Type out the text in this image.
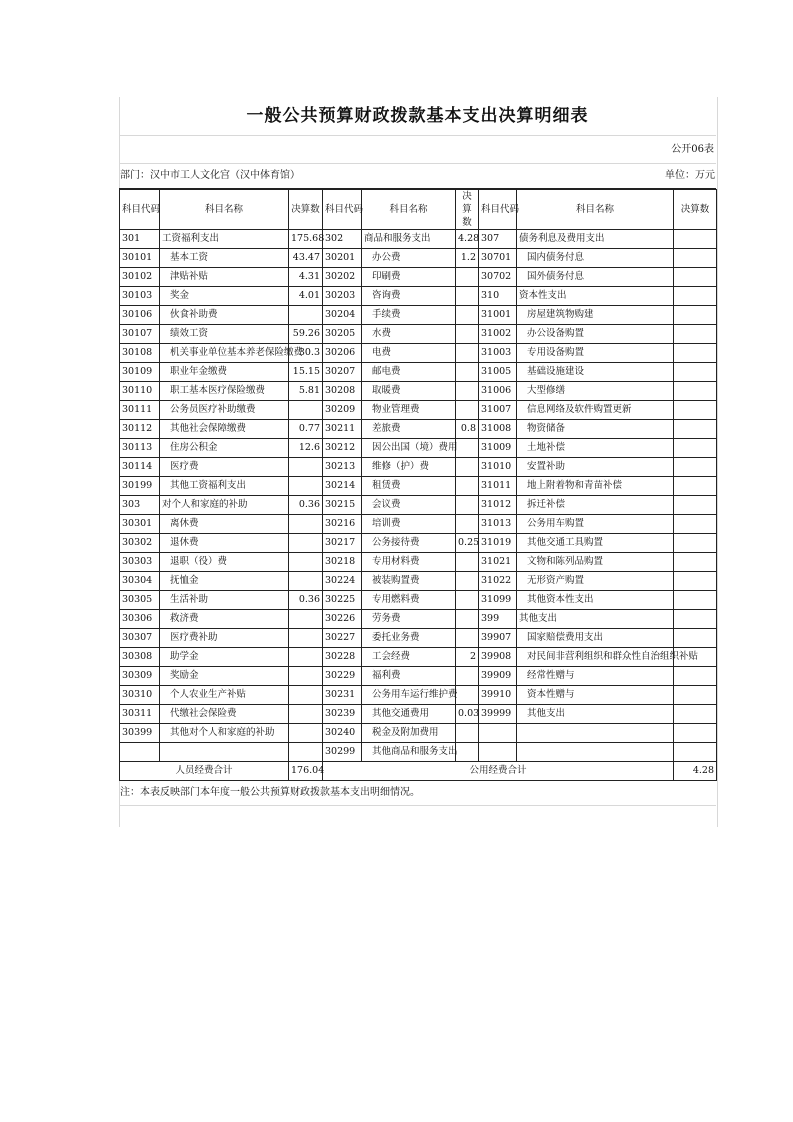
一般公共预算财政拨款基本支出决算明细表
公开06表
部门：汉中市工人文化宫（汉中体育馆）	单位：万元
科目代码	科目名称	决算数	科目代码	科目名称	决算数	科目代码	科目名称	决算数
301	工资福利支出	175.68	302	商品和服务支出	4.28	307	债务利息及费用支出	
30101	基本工资	43.47	30201	办公费	1.2	30701	国内债务付息	
30102	津贴补贴	4.31	30202	印刷费		30702	国外债务付息	
30103	奖金	4.01	30203	咨询费		310	资本性支出	
30106	伙食补助费		30204	手续费		31001	房屋建筑物购建	
30107	绩效工资	59.26	30205	水费		31002	办公设备购置	
30108	机关事业单位基本养老保险缴费	30.3	30206	电费		31003	专用设备购置	
30109	职业年金缴费	15.15	30207	邮电费		31005	基础设施建设	
30110	职工基本医疗保险缴费	5.81	30208	取暖费		31006	大型修缮	
30111	公务员医疗补助缴费		30209	物业管理费		31007	信息网络及软件购置更新	
30112	其他社会保障缴费	0.77	30211	差旅费	0.8	31008	物资储备	
30113	住房公积金	12.6	30212	因公出国（境）费用		31009	土地补偿	
30114	医疗费		30213	维修（护）费		31010	安置补助	
30199	其他工资福利支出		30214	租赁费		31011	地上附着物和青苗补偿	
303	对个人和家庭的补助	0.36	30215	会议费		31012	拆迁补偿	
30301	离休费		30216	培训费		31013	公务用车购置	
30302	退休费		30217	公务接待费	0.25	31019	其他交通工具购置	
30303	退职（役）费		30218	专用材料费		31021	文物和陈列品购置	
30304	抚恤金		30224	被装购置费		31022	无形资产购置	
30305	生活补助	0.36	30225	专用燃料费		31099	其他资本性支出	
30306	救济费		30226	劳务费		399	其他支出	
30307	医疗费补助		30227	委托业务费		39907	国家赔偿费用支出	
30308	助学金		30228	工会经费	2	39908	对民间非营利组织和群众性自治组织补贴	
30309	奖励金		30229	福利费		39909	经常性赠与	
30310	个人农业生产补贴		30231	公务用车运行维护费		39910	资本性赠与	
30311	代缴社会保险费		30239	其他交通费用	0.03	39999	其他支出	
30399	其他对个人和家庭的补助		30240	税金及附加费用				
			30299	其他商品和服务支出				
人员经费合计		176.04	公用经费合计					4.28
注：本表反映部门本年度一般公共预算财政拨款基本支出明细情况。
